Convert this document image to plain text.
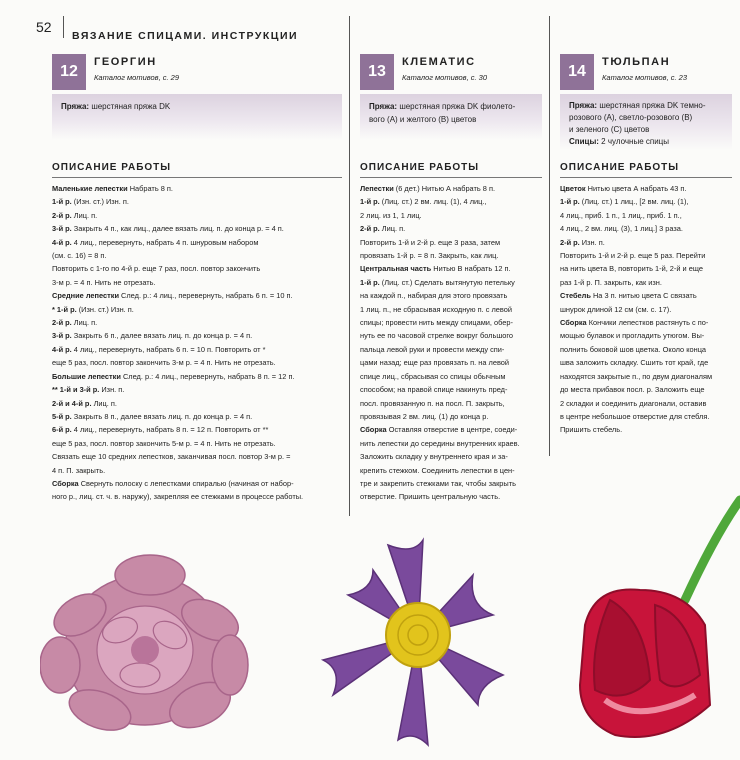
52
ВЯЗАНИЕ СПИЦАМИ. ИНСТРУКЦИИ
12
ГЕОРГИН
Каталог мотивов, с. 29
Пряжа: шерстяная пряжа DK
ОПИСАНИЕ РАБОТЫ
Маленькие лепестки Набрать 8 п.
1-й р. (Изн. ст.) Изн. п.
2-й р. Лиц. п.
3-й р. Закрыть 4 п., как лиц., далее вязать лиц. п. до конца р. = 4 п.
4-й р. 4 лиц., перевернуть, набрать 4 п. шнуровым набором
(см. с. 16) = 8 п.
Повторить с 1-го по 4-й р. еще 7 раз, посл. повтор закончить
3-м р. = 4 п. Нить не отрезать.
Средние лепестки След. р.: 4 лиц., перевернуть, набрать 6 п. = 10 п.
* 1-й р. (Изн. ст.) Изн. п.
2-й р. Лиц. п.
3-й р. Закрыть 6 п., далее вязать лиц. п. до конца р. = 4 п.
4-й р. 4 лиц., перевернуть, набрать 6 п. = 10 п. Повторить от *
еще 5 раз, посл. повтор закончить 3-м р. = 4 п. Нить не отрезать.
Большие лепестки След. р.: 4 лиц., перевернуть, набрать 8 п. = 12 п.
** 1-й и 3-й р. Изн. п.
2-й и 4-й р. Лиц. п.
5-й р. Закрыть 8 п., далее вязать лиц. п. до конца р. = 4 п.
6-й р. 4 лиц., перевернуть, набрать 8 п. = 12 п. Повторить от **
еще 5 раз, посл. повтор закончить 5-м р. = 4 п. Нить не отрезать.
Связать еще 10 средних лепестков, заканчивая посл. повтор 3-м р. =
4 п. П. закрыть.
Сборка Свернуть полоску с лепестками спиралью (начиная от набор-
ного р., лиц. ст. ч. в. наружу), закрепляя ее стежками в процессе работы.
13
КЛЕМАТИС
Каталог мотивов, с. 30
Пряжа: шерстяная пряжа DK фиолето-
вого (А) и желтого (В) цветов
ОПИСАНИЕ РАБОТЫ
Лепестки (6 дет.) Нитью А набрать 8 п.
1-й р. (Лиц. ст.) 2 вм. лиц. (1), 4 лиц.,
2 лиц. из 1, 1 лиц.
2-й р. Лиц. п.
Повторить 1-й и 2-й р. еще 3 раза, затем
провязать 1-й р. = 8 п. Закрыть, как лиц.
Центральная часть Нитью В набрать 12 п.
1-й р. (Лиц. ст.) Сделать вытянутую петельку
на каждой п., набирая для этого провязать
1 лиц. п., не сбрасывая исходную п. с левой
спицы; провести нить между спицами, обер-
нуть ее по часовой стрелке вокруг большого
пальца левой руки и провести между спи-
цами назад; еще раз провязать п. на левой
спице лиц., сбрасывая со спицы обычным
способом; на правой спице накинуть пред-
посл. провязанную п. на посл. П. закрыть,
провязывая 2 вм. лиц. (1) до конца р.
Сборка Оставляя отверстие в центре, соеди-
нить лепестки до середины внутренних краев.
Заложить складку у внутреннего края и за-
крепить стежком. Соединить лепестки в цен-
тре и закрепить стежками так, чтобы закрыть
отверстие. Пришить центральную часть.
14
ТЮЛЬПАН
Каталог мотивов, с. 23
Пряжа: шерстяная пряжа DK темно-
розового (А), светло-розового (В)
и зеленого (С) цветов
Спицы: 2 чулочные спицы
ОПИСАНИЕ РАБОТЫ
Цветок Нитью цвета А набрать 43 п.
1-й р. (Лиц. ст.) 1 лиц., [2 вм. лиц. (1),
4 лиц., приб. 1 п., 1 лиц., приб. 1 п.,
4 лиц., 2 вм. лиц. (3), 1 лиц.] 3 раза.
2-й р. Изн. п.
Повторить 1-й и 2-й р. еще 5 раз. Перейти
на нить цвета В, повторить 1-й, 2-й и еще
раз 1-й р. П. закрыть, как изн.
Стебель На 3 п. нитью цвета С связать
шнурок длиной 12 см (см. с. 17).
Сборка Кончики лепестков растянуть с по-
мощью булавок и прогладить утюгом. Вы-
полнить боковой шов цветка. Около конца
шва заложить складку. Сшить тот край, где
находятся закрытые п., по двум диагоналям
до места прибавок посл. р. Заложить еще
2 складки и соединить диагонали, оставив
в центре небольшое отверстие для стебля.
Пришить стебель.
